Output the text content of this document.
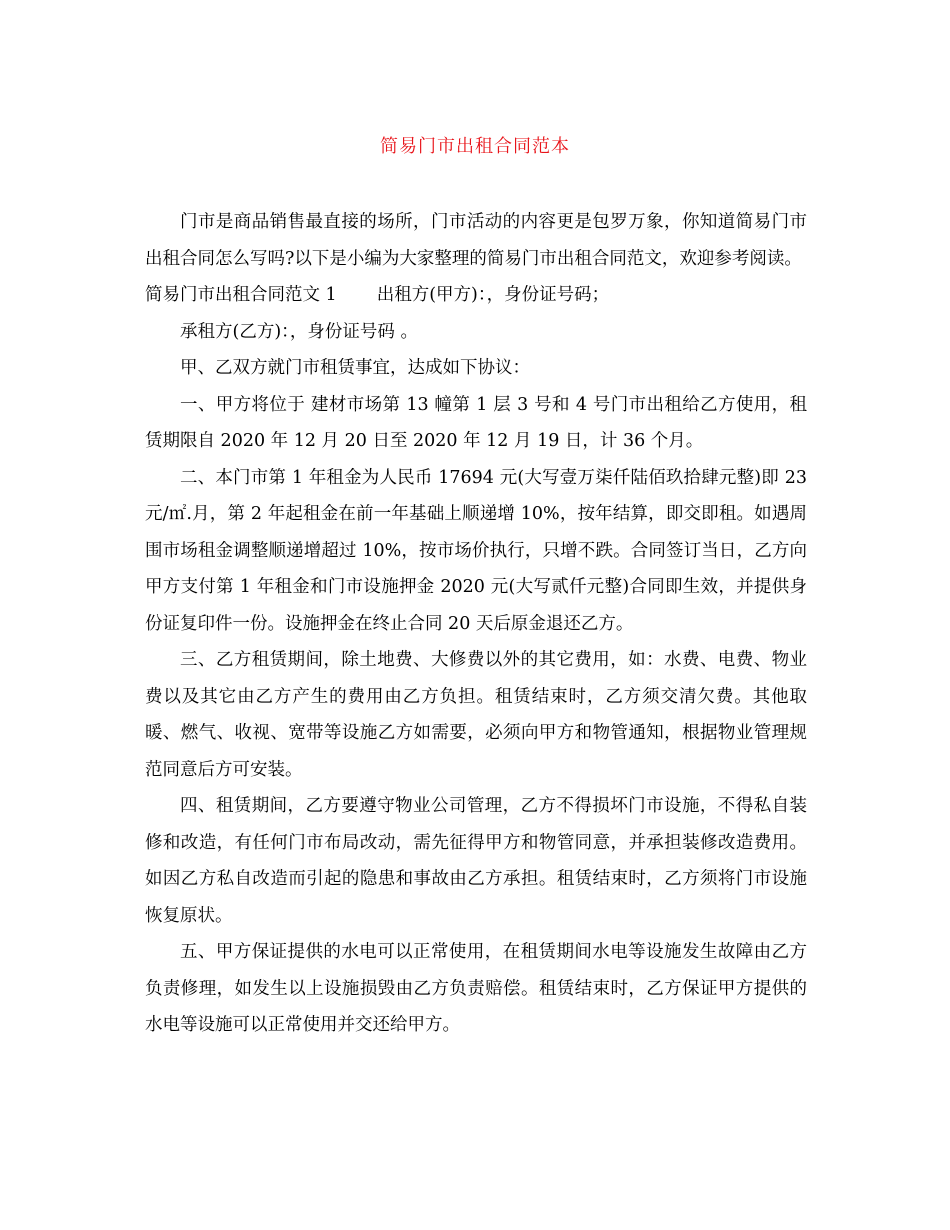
简易门市出租合同范本

门市是商品销售最直接的场所，门市活动的内容更是包罗万象，你知道简易门市出租合同怎么写吗?以下是小编为大家整理的简易门市出租合同范文，欢迎参考阅读。

简易门市出租合同范文 1 出租方(甲方)：，身份证号码；

承租方(乙方)：，身份证号码 。

甲、乙双方就门市租赁事宜，达成如下协议：

一、甲方将位于 建材市场第 13 幢第 1 层 3 号和 4 号门市出租给乙方使用，租赁期限自 2020 年 12 月 20 日至 2020 年 12 月 19 日，计 36 个月。

二、本门市第 1 年租金为人民币 17694 元(大写壹万柒仟陆佰玖拾肆元整)即 23 元/㎡.月，第 2 年起租金在前一年基础上顺递增 10%，按年结算，即交即租。如遇周围市场租金调整顺递增超过 10%，按市场价执行，只增不跌。合同签订当日，乙方向甲方支付第 1 年租金和门市设施押金 2020 元(大写贰仟元整)合同即生效，并提供身份证复印件一份。设施押金在终止合同 20 天后原金退还乙方。

三、乙方租赁期间，除土地费、大修费以外的其它费用，如：水费、电费、物业费以及其它由乙方产生的费用由乙方负担。租赁结束时，乙方须交清欠费。其他取暖、燃气、收视、宽带等设施乙方如需要，必须向甲方和物管通知，根据物业管理规范同意后方可安装。

四、租赁期间，乙方要遵守物业公司管理，乙方不得损坏门市设施，不得私自装修和改造，有任何门市布局改动，需先征得甲方和物管同意，并承担装修改造费用。如因乙方私自改造而引起的隐患和事故由乙方承担。租赁结束时，乙方须将门市设施恢复原状。

五、甲方保证提供的水电可以正常使用，在租赁期间水电等设施发生故障由乙方负责修理，如发生以上设施损毁由乙方负责赔偿。租赁结束时，乙方保证甲方提供的水电等设施可以正常使用并交还给甲方。
